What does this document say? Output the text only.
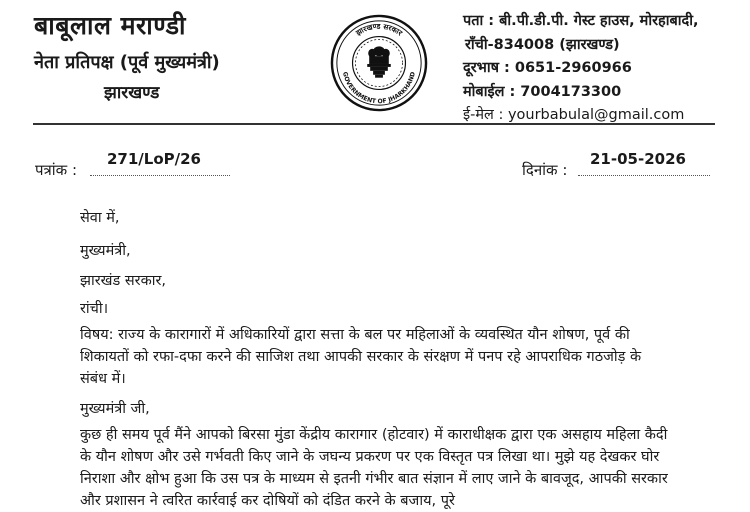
बाबूलाल मराण्डी
नेता प्रतिपक्ष (पूर्व मुख्यमंत्री)
झारखण्ड
झारखण्ड सरकार
GOVERNMENT OF JHARKHAND
पता : बी.पी.डी.पी. गेस्ट हाउस, मोरहाबादी,
राँची-834008 (झारखण्ड)
दूरभाष : 0651-2960966
मोबाईल : 7004173300
ई-मेल : yourbabulal@gmail.com
पत्रांक :
271/LoP/26
दिनांक :
21-05-2026
सेवा में,
मुख्यमंत्री,
झारखंड सरकार,
रांची।
विषय: राज्य के कारागारों में अधिकारियों द्वारा सत्ता के बल पर महिलाओं के व्यवस्थित यौन शोषण, पूर्व की शिकायतों को रफा-दफा करने की साजिश तथा आपकी सरकार के संरक्षण में पनप रहे आपराधिक गठजोड़ के संबंध में।
मुख्यमंत्री जी,
कुछ ही समय पूर्व मैंने आपको बिरसा मुंडा केंद्रीय कारागार (होटवार) में काराधीक्षक द्वारा एक असहाय महिला कैदी के यौन शोषण और उसे गर्भवती किए जाने के जघन्य प्रकरण पर एक विस्तृत पत्र लिखा था। मुझे यह देखकर घोर निराशा और क्षोभ हुआ कि उस पत्र के माध्यम से इतनी गंभीर बात संज्ञान में लाए जाने के बावजूद, आपकी सरकार और प्रशासन ने त्वरित कार्रवाई कर दोषियों को दंडित करने के बजाय, पूरे
